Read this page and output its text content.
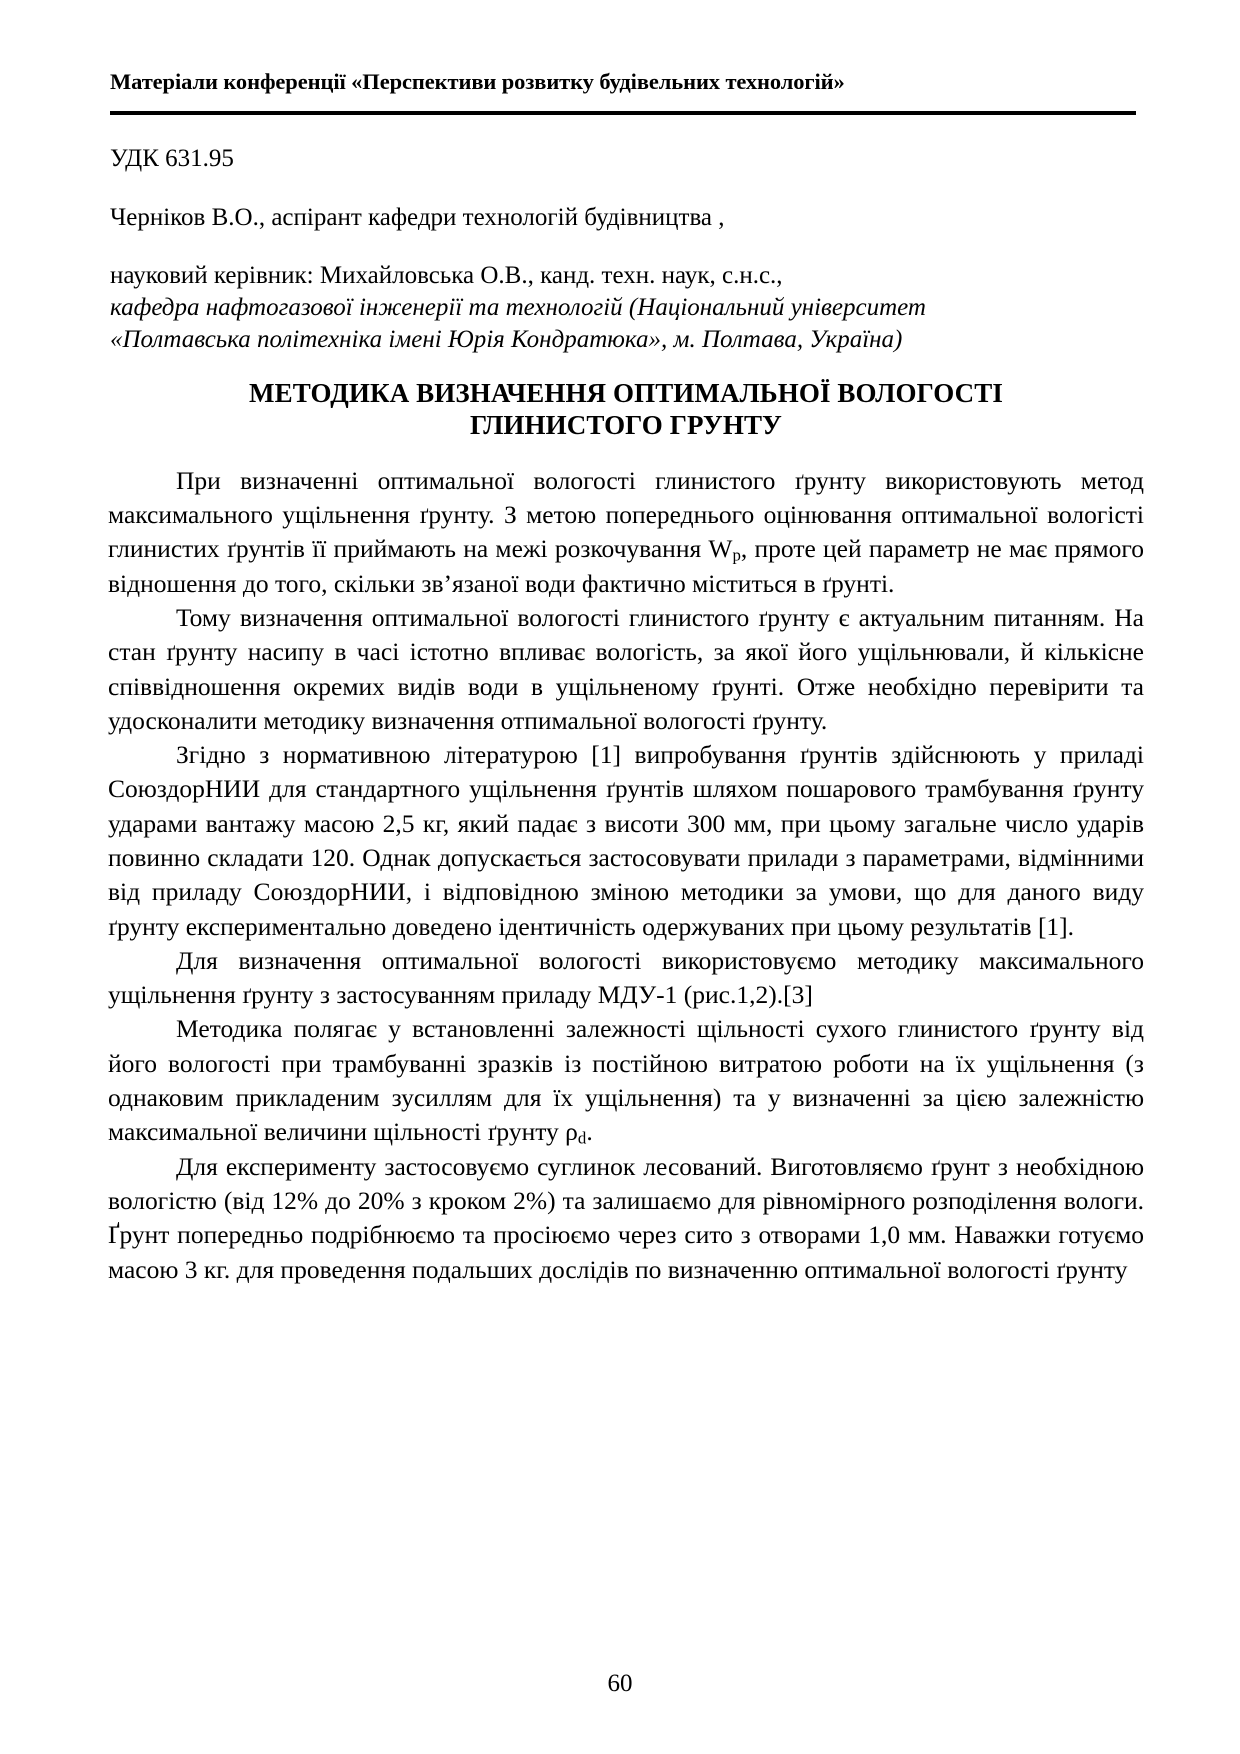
Матеріали конференції «Перспективи розвитку будівельних технологій»
УДК 631.95
Черніков В.О., аспірант кафедри технологій будівництва ,
науковий керівник: Михайловська О.В., канд. техн. наук, с.н.с.,
кафедра нафтогазової інженерії та технологій (Національний університет
«Полтавська політехніка імені Юрія Кондратюка», м. Полтава, Україна)
МЕТОДИКА ВИЗНАЧЕННЯ ОПТИМАЛЬНОЇ ВОЛОГОСТІ
ГЛИНИСТОГО ГРУНТУ

При визначенні оптимальної вологості глинистого ґрунту використовують метод максимального ущільнення ґрунту. З метою попереднього оцінювання оптимальної вологісті глинистих ґрунтів її приймають на межі розкочування $W_p$, проте цей параметр не має прямого відношення до того, скільки зв’язаної води фактично міститься в ґрунті.

Тому визначення оптимальної вологості глинистого ґрунту є актуальним питанням. На стан ґрунту насипу в часі істотно впливає вологість, за якої його ущільнювали, й кількісне співвідношення окремих видів води в ущільненому ґрунті. Отже необхідно перевірити та удосконалити методику визначення отпимальної вологості ґрунту.

Згідно з нормативною літературою [1] випробування ґрунтів здійснюють у приладі СоюздорНИИ для стандартного ущільнення ґрунтів шляхом пошарового трамбування ґрунту ударами вантажу масою 2,5 кг, який падає з висоти 300 мм, при цьому загальне число ударів повинно складати 120. Однак допускається застосовувати прилади з параметрами, відмінними від приладу СоюздорНИИ, і відповідною зміною методики за умови, що для даного виду ґрунту експериментально доведено ідентичність одержуваних при цьому результатів [1].

Для визначення оптимальної вологості використовуємо методику максимального ущільнення ґрунту з застосуванням приладу МДУ-1 (рис.1,2).[3]

Методика полягає у встановленні залежності щільності сухого глинистого ґрунту від його вологості при трамбуванні зразків із постійною витратою роботи на їх ущільнення (з однаковим прикладеним зусиллям для їх ущільнення) та у визначенні за цією залежністю максимальної величини щільності ґрунту $\rho_d$.

Для експерименту застосовуємо суглинок лесований. Виготовляємо ґрунт з необхідною вологістю (від 12% до 20% з кроком 2%) та залишаємо для рівномірного розподілення вологи. Ґрунт попередньо подрібнюємо та просіюємо через сито з отворами 1,0 мм. Наважки готуємо масою 3 кг. для проведення подальших дослідів по визначенню оптимальної вологості ґрунту

60
